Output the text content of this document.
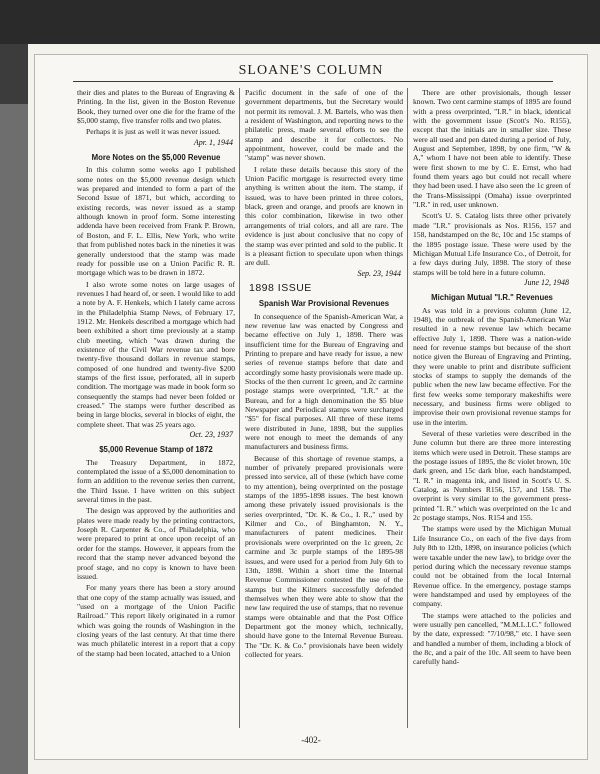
SLOANE'S COLUMN

their dies and plates to the Bureau of Engraving & Printing. In the list, given in the Boston Revenue Book, they turned over one die for the frame of the $5,000 stamp, five transfer rolls and two plates.

Perhaps it is just as well it was never issued.

Apr. 1, 1944
More Notes on the $5,000 Revenue

In this column some weeks ago I published some notes on the $5,000 revenue design which was prepared and intended to form a part of the Second Issue of 1871, but which, according to existing records, was never issued as a stamp although known in proof form. Some interesting addenda have been received from Frank P. Brown, of Boston, and F. L. Ellis, New York, who write that from published notes back in the nineties it was generally understood that the stamp was made ready for possible use on a Union Pacific R. R. mortgage which was to be drawn in 1872.

I also wrote some notes on large usages of revenues I had heard of, or seen. I would like to add a note by A. F. Henkels, which I lately came across in the Philadelphia Stamp News, of February 17, 1912. Mr. Henkels described a mortgage which had been exhibited a short time previously at a stamp club meeting, which "was drawn during the existence of the Civil War revenue tax and bore twenty-five thousand dollars in revenue stamps, composed of one hundred and twenty-five $200 stamps of the first issue, perforated, all in superb condition. The mortgage was made in book form so consequently the stamps had never been folded or creased." The stamps were further described as being in large blocks, several in blocks of eight, the complete sheet. That was 25 years ago.

Oct. 23, 1937
$5,000 Revenue Stamp of 1872

The Treasury Department, in 1872, contemplated the issue of a $5,000 denomination to form an addition to the revenue series then current, the Third Issue. I have written on this subject several times in the past.

The design was approved by the authorities and plates were made ready by the printing contractors, Joseph R. Carpenter & Co., of Philadelphia, who were prepared to print at once upon receipt of an order for the stamps. However, it appears from the record that the stamp never advanced beyond the proof stage, and no copy is known to have been issued.

For many years there has been a story around that one copy of the stamp actually was issued, and "used on a mortgage of the Union Pacific Railroad." This report likely originated in a rumor which was going the rounds of Washington in the closing years of the last century. At that time there was much philatelic interest in a report that a copy of the stamp had been located, attached to a Union

Pacific document in the safe of one of the government departments, but the Secretary would not permit its removal. J. M. Bartels, who was then a resident of Washington, and reporting news to the philatelic press, made several efforts to see the stamp and describe it for collectors. No appointment, however, could be made and the "stamp" was never shown.

I relate these details because this story of the Union Pacific mortgage is resurrected every time anything is written about the item. The stamp, if issued, was to have been printed in three colors, black, green and orange, and proofs are known in this color combination, likewise in two other arrangements of trial colors, and all are rare. The evidence is just about conclusive that no copy of the stamp was ever printed and sold to the public. It is a pleasant fiction to speculate upon when things are dull.

Sep. 23, 1944
1898 ISSUE
Spanish War Provisional Revenues

In consequence of the Spanish-American War, a new revenue law was enacted by Congress and became effective on July 1, 1898. There was insufficient time for the Bureau of Engraving and Printing to prepare and have ready for issue, a new series of revenue stamps before that date and accordingly some hasty provisionals were made up. Stocks of the then current 1c green, and 2c carmine postage stamps were overprinted, "I.R." at the Bureau, and for a high denomination the $5 blue Newspaper and Periodical stamps were surcharged "$5" for fiscal purposes. All three of these items were distributed in June, 1898, but the supplies were not enough to meet the demands of any manufacturers and business firms.

Because of this shortage of revenue stamps, a number of privately prepared provisionals were pressed into service, all of these (which have come to my attention), being overprinted on the postage stamps of the 1895-1898 issues. The best known among these privately issued provisionals is the series overprinted, "Dr. K. & Co., I. R.," used by Kilmer and Co., of Binghamton, N. Y., manufacturers of patent medicines. Their provisionals were overprinted on the 1c green, 2c carmine and 3c purple stamps of the 1895-98 issues, and were used for a period from July 6th to 13th, 1898. Within a short time the Internal Revenue Commissioner contested the use of the stamps but the Kilmers successfully defended themselves when they were able to show that the new law required the use of stamps, that no revenue stamps were obtainable and that the Post Office Department got the money which, technically, should have gone to the Internal Revenue Bureau. The "Dr. K. & Co." provisionals have been widely collected for years.

There are other provisionals, though lesser known. Two cent carmine stamps of 1895 are found with a press overprinted, "I.R." in black, identical with the government issue (Scott's No. R155), except that the initials are in smaller size. These were all used and pen dated during a period of July, August and September, 1898, by one firm, "W & A," whom I have not been able to identify. These were first shown to me by C. E. Ernst, who had found them years ago but could not recall where they had been used. I have also seen the 1c green of the Trans-Mississippi (Omaha) issue overprinted "I.R." in red, user unknown.

Scott's U. S. Catalog lists three other privately made "I.R." provisionals as Nos. R156, 157 and 158, handstamped on the 8c, 10c and 15c stamps of the 1895 postage issue. These were used by the Michigan Mutual Life Insurance Co., of Detroit, for a few days during July, 1898. The story of these stamps will be told here in a future column.

June 12, 1948
Michigan Mutual "I.R." Revenues

As was told in a previous column (June 12, 1948), the outbreak of the Spanish-American War resulted in a new revenue law which became effective July 1, 1898. There was a nation-wide need for revenue stamps but because of the short notice given the Bureau of Engraving and Printing, they were unable to print and distribute sufficient stocks of stamps to supply the demands of the public when the new law became effective. For the first few weeks some temporary makeshifts were necessary, and business firms were obliged to improvise their own provisional revenue stamps for use in the interim.

Several of these varieties were described in the June column but there are three more interesting items which were used in Detroit. These stamps are the postage issues of 1895, the 8c violet brown, 10c dark green, and 15c dark blue, each handstamped, "I. R." in magenta ink, and listed in Scott's U. S. Catalog, as Numbers R156, 157, and 158. The overprint is very similar to the government press-printed "I. R." which was overprinted on the 1c and 2c postage stamps, Nos. R154 and 155.

The stamps were used by the Michigan Mutual Life Insurance Co., on each of the five days from July 8th to 12th, 1898, on insurance policies (which were taxable under the new law), to bridge over the period during which the necessary revenue stamps could not be obtained from the local Internal Revenue office. In the emergency, postage stamps were handstamped and used by employees of the company.

The stamps were attached to the policies and were usually pen cancelled, "M.M.L.I.C." followed by the date, expressed: "7/10/98," etc. I have seen and handled a number of them, including a block of the 8c, and a pair of the 10c. All seem to have been carefully hand-

-402-
